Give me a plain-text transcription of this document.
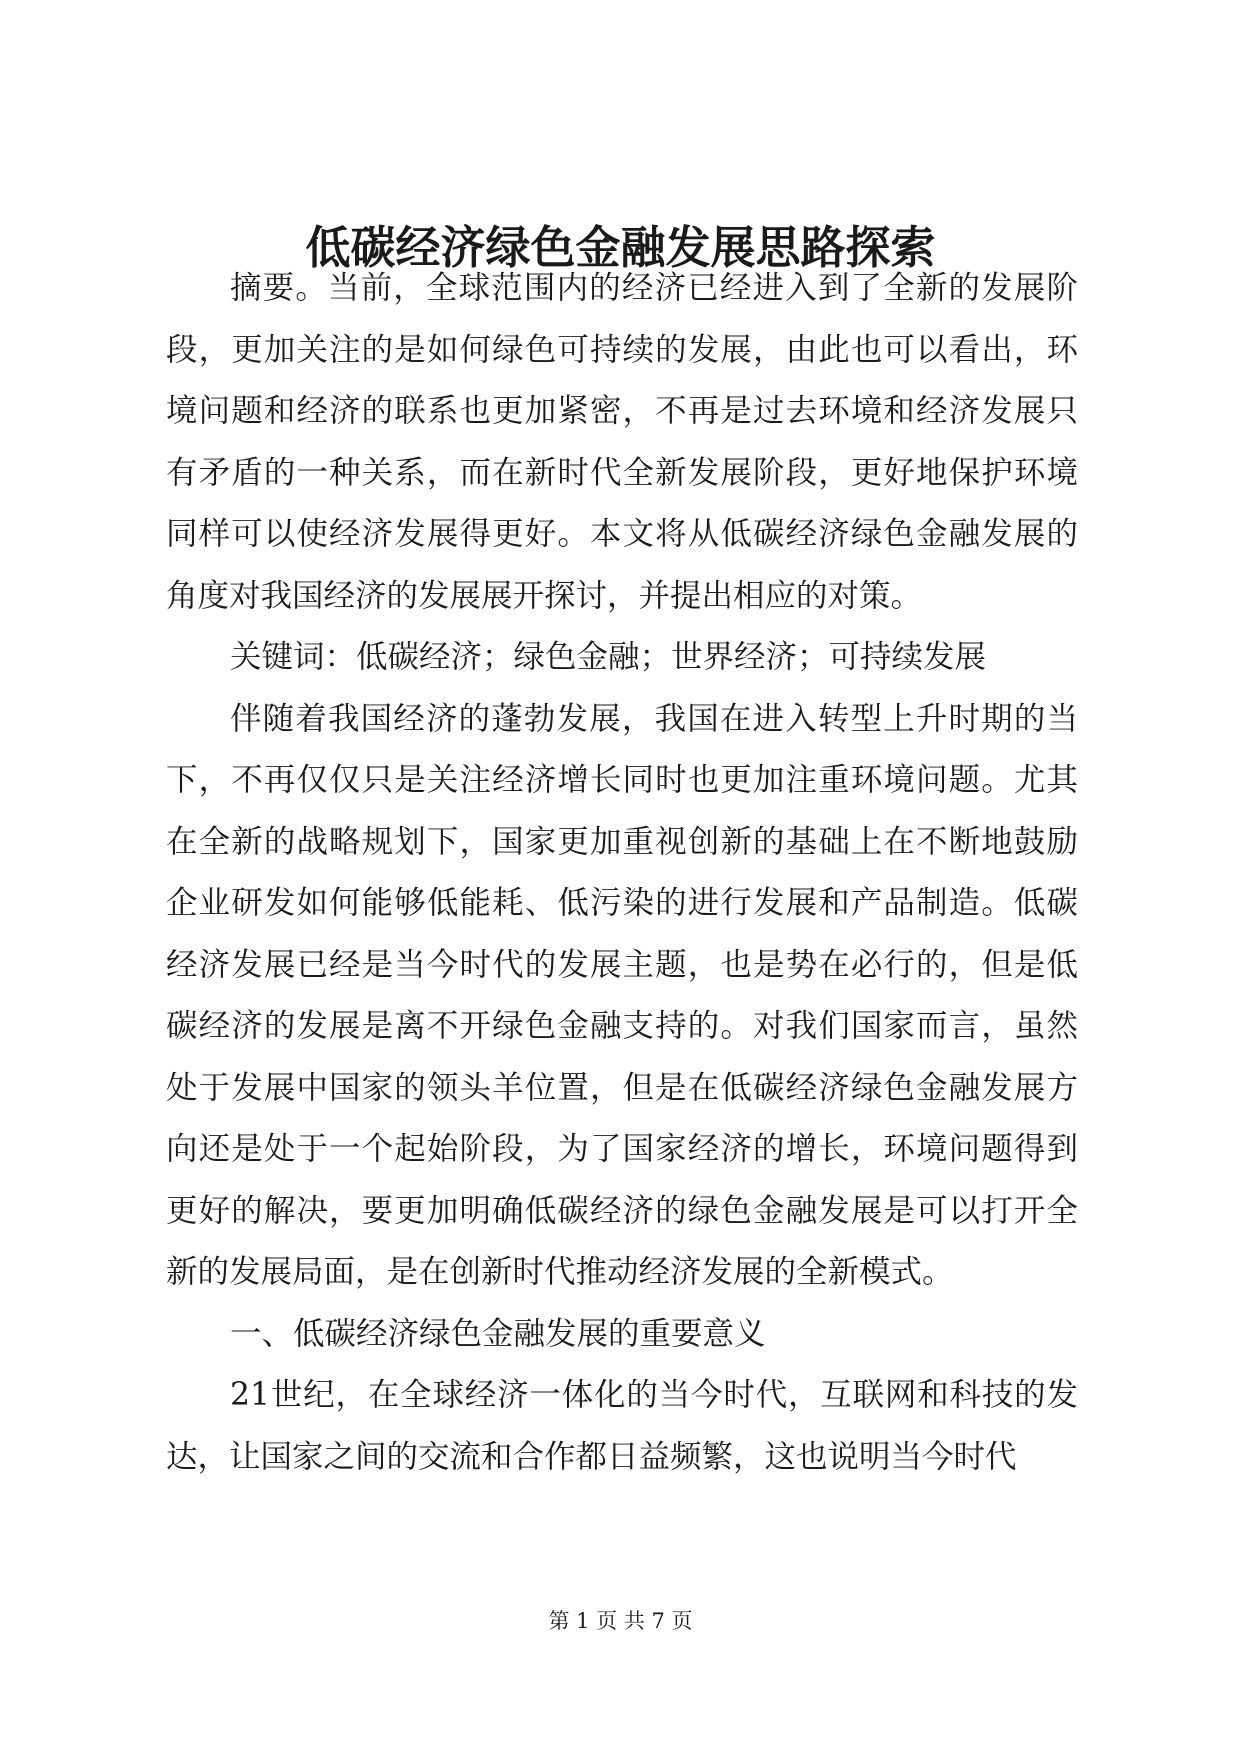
低碳经济绿色金融发展思路探索

摘要。当前，全球范围内的经济已经进入到了全新的发展阶段，更加关注的是如何绿色可持续的发展，由此也可以看出，环境问题和经济的联系也更加紧密，不再是过去环境和经济发展只有矛盾的一种关系，而在新时代全新发展阶段，更好地保护环境同样可以使经济发展得更好。本文将从低碳经济绿色金融发展的角度对我国经济的发展展开探讨，并提出相应的对策。

关键词：低碳经济；绿色金融；世界经济；可持续发展

伴随着我国经济的蓬勃发展，我国在进入转型上升时期的当下，不再仅仅只是关注经济增长同时也更加注重环境问题。尤其在全新的战略规划下，国家更加重视创新的基础上在不断地鼓励企业研发如何能够低能耗、低污染的进行发展和产品制造。低碳经济发展已经是当今时代的发展主题，也是势在必行的，但是低碳经济的发展是离不开绿色金融支持的。对我们国家而言，虽然处于发展中国家的领头羊位置，但是在低碳经济绿色金融发展方向还是处于一个起始阶段，为了国家经济的增长，环境问题得到更好的解决，要更加明确低碳经济的绿色金融发展是可以打开全新的发展局面，是在创新时代推动经济发展的全新模式。

一、低碳经济绿色金融发展的重要意义

21世纪，在全球经济一体化的当今时代，互联网和科技的发达，让国家之间的交流和合作都日益频繁，这也说明当今时代

第 1 页 共 7 页
